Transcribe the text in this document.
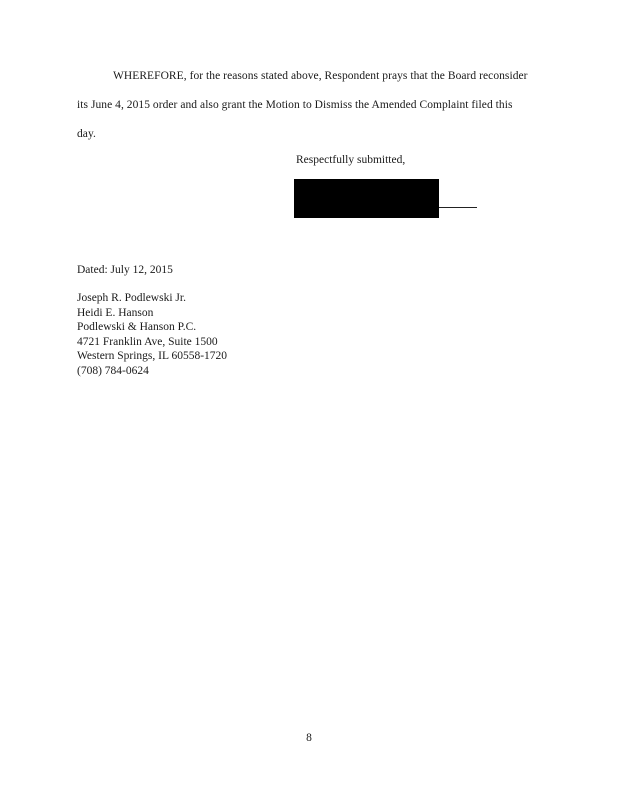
WHEREFORE, for the reasons stated above, Respondent prays that the Board reconsider
its June 4, 2015 order and also grant the Motion to Dismiss the Amended Complaint filed this
day.
Respectfully submitted,
Dated: July 12, 2015
Joseph R. Podlewski Jr.
Heidi E. Hanson
Podlewski & Hanson P.C.
4721 Franklin Ave, Suite 1500
Western Springs, IL 60558-1720
(708) 784-0624
8
